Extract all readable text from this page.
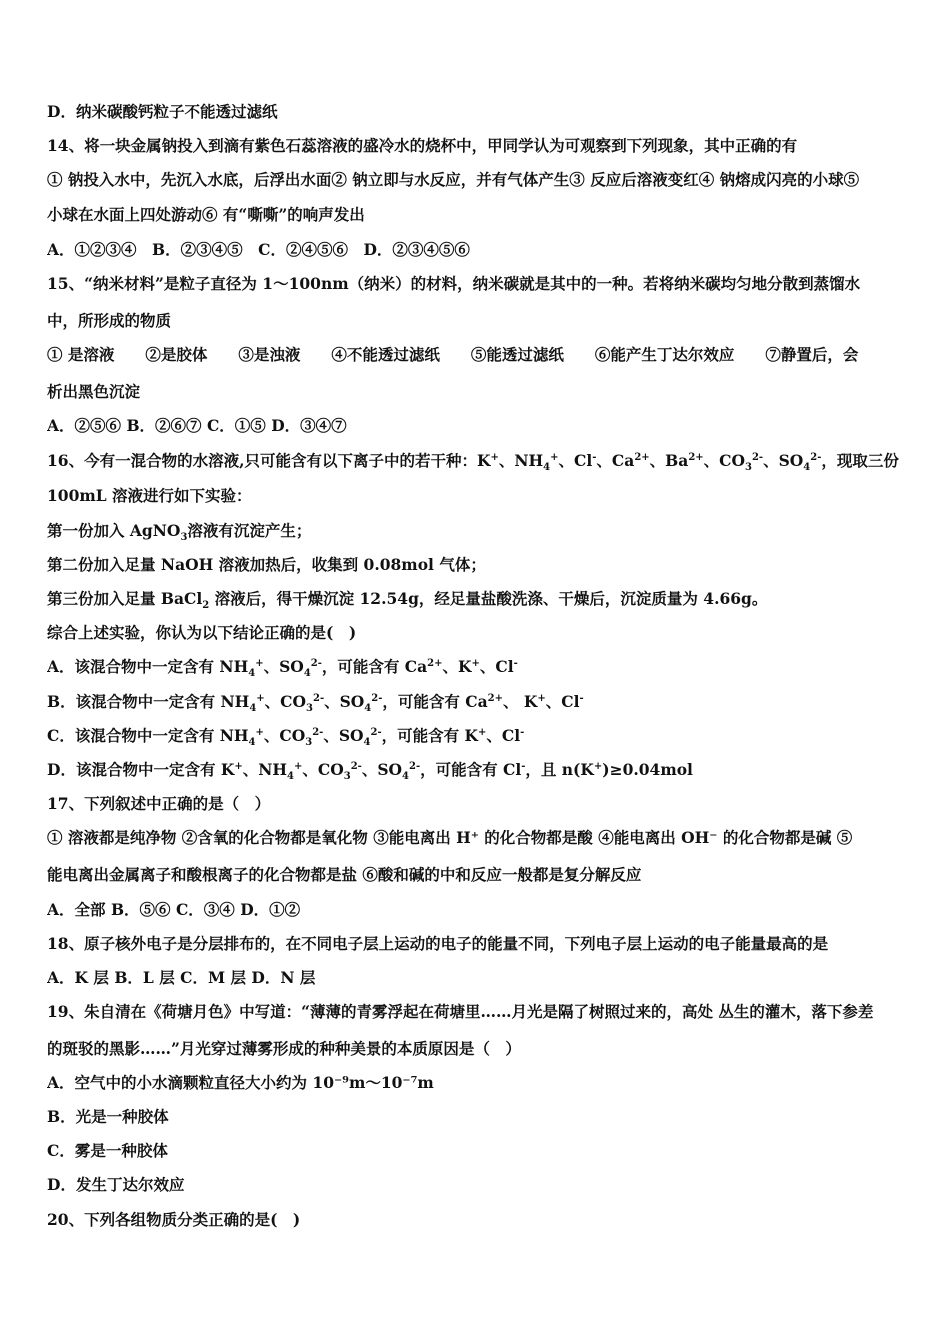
D．纳米碳酸钙粒子不能透过滤纸
14、将一块金属钠投入到滴有紫色石蕊溶液的盛冷水的烧杯中，甲同学认为可观察到下列现象，其中正确的有
① 钠投入水中，先沉入水底，后浮出水面② 钠立即与水反应，并有气体产生③ 反应后溶液变红④ 钠熔成闪亮的小球⑤
小球在水面上四处游动⑥ 有“嘶嘶”的响声发出
A．①②③④　B．②③④⑤　C．②④⑤⑥　D．②③④⑤⑥
15、“纳米材料”是粒子直径为 1～100nm（纳米）的材料，纳米碳就是其中的一种。若将纳米碳均匀地分散到蒸馏水
中，所形成的物质
① 是溶液　　②是胶体　　③是浊液　　④不能透过滤纸　　⑤能透过滤纸　　⑥能产生丁达尔效应　　⑦静置后，会
析出黑色沉淀
A．②⑤⑥ B．②⑥⑦ C．①⑤ D．③④⑦
16、今有一混合物的水溶液,只可能含有以下离子中的若干种：K+、$NH_4^+$、Cl-、$Ca^{2+}$、$Ba^{2+}$、$CO_3^{2-}$、$SO_4^{2-}$，现取三份
100mL 溶液进行如下实验：
第一份加入 AgNO$_3$溶液有沉淀产生；
第二份加入足量 NaOH 溶液加热后，收集到 0.08mol 气体；
第三份加入足量 BaCl$_2$ 溶液后，得干燥沉淀 12.54g，经足量盐酸洗涤、干燥后，沉淀质量为 4.66g。
综合上述实验，你认为以下结论正确的是(　)
A．该混合物中一定含有 $NH_4^+$、$SO_4^{2-}$，可能含有 $Ca^{2+}$、K+、Cl-
B．该混合物中一定含有 $NH_4^+$、$CO_3^{2-}$、$SO_4^{2-}$，可能含有 $Ca^{2+}$、 K+、Cl-
C．该混合物中一定含有 $NH_4^+$、$CO_3^{2-}$、$SO_4^{2-}$，可能含有 K+、Cl-
D．该混合物中一定含有 K+、$NH_4^+$、$CO_3^{2-}$、$SO_4^{2-}$，可能含有 Cl-，且 n(K+)≥0.04mol
17、下列叙述中正确的是（　）
① 溶液都是纯净物 ②含氧的化合物都是氧化物 ③能电离出 H⁺ 的化合物都是酸 ④能电离出 OH⁻ 的化合物都是碱 ⑤
能电离出金属离子和酸根离子的化合物都是盐 ⑥酸和碱的中和反应一般都是复分解反应
A．全部 B．⑤⑥ C．③④ D．①②
18、原子核外电子是分层排布的，在不同电子层上运动的电子的能量不同，下列电子层上运动的电子能量最高的是
A．K 层 B．L 层 C．M 层 D．N 层
19、朱自清在《荷塘月色》中写道：“薄薄的青雾浮起在荷塘里……月光是隔了树照过来的，高处 丛生的灌木，落下参差
的斑驳的黑影……”月光穿过薄雾形成的种种美景的本质原因是（　）
A．空气中的小水滴颗粒直径大小约为 10⁻⁹m～10⁻⁷m
B．光是一种胶体
C．雾是一种胶体
D．发生丁达尔效应
20、下列各组物质分类正确的是(　)
